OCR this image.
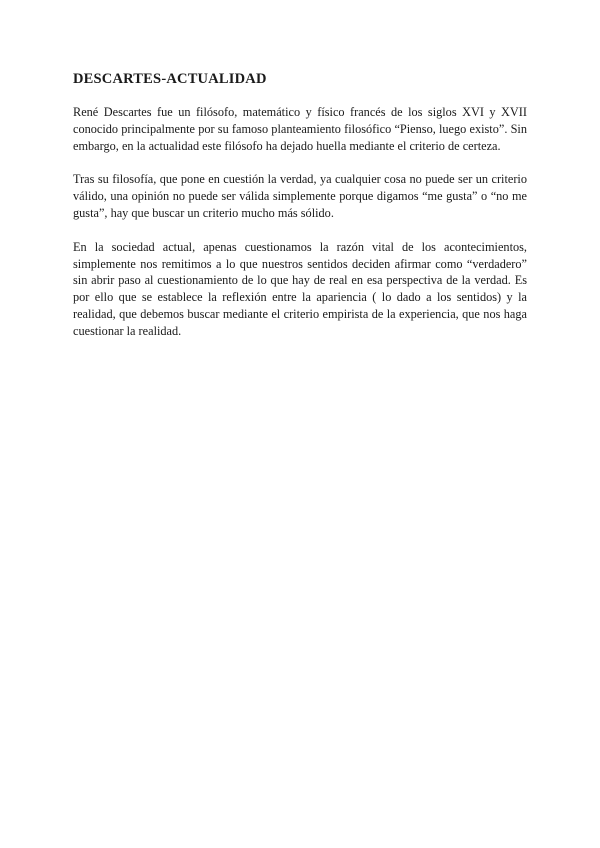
DESCARTES-ACTUALIDAD

René Descartes fue un filósofo, matemático y físico francés de los siglos XVI y XVII conocido principalmente por su famoso planteamiento filosófico “Pienso, luego existo”. Sin embargo, en la actualidad este filósofo ha dejado huella mediante el criterio de certeza.

Tras su filosofía, que pone en cuestión la verdad, ya cualquier cosa no puede ser un criterio válido, una opinión no puede ser válida simplemente porque digamos “me gusta” o “no me gusta”, hay que buscar un criterio mucho más sólido.

En la sociedad actual, apenas cuestionamos la razón vital de los acontecimientos, simplemente nos remitimos a lo que nuestros sentidos deciden afirmar como “verdadero” sin abrir paso al cuestionamiento de lo que hay de real en esa perspectiva de la verdad. Es por ello que se establece la reflexión entre la apariencia ( lo dado a los sentidos) y la realidad, que debemos buscar mediante el criterio empirista de la experiencia, que nos haga cuestionar la realidad.
